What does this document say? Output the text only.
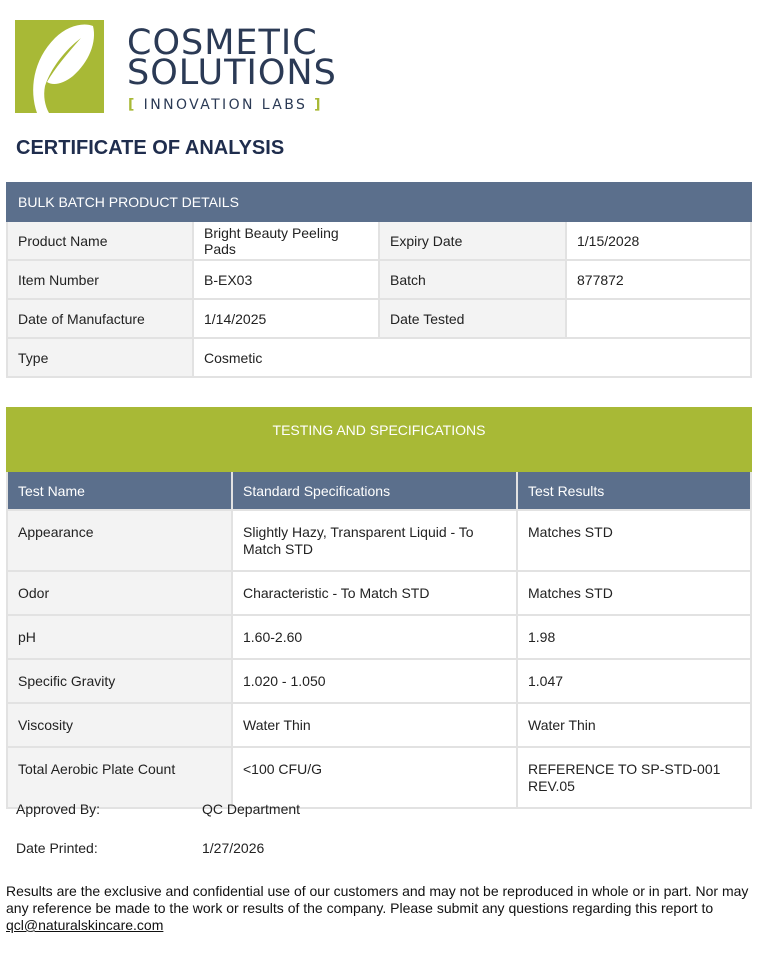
COSMETIC
SOLUTIONS
[ INNOVATION LABS ]
CERTIFICATE OF ANALYSIS
BULK BATCH PRODUCT DETAILS			
Product Name	Bright Beauty Peeling Pads	Expiry Date	1/15/2028
Item Number	B-EX03	Batch	877872
Date of Manufacture	1/14/2025	Date Tested	
Type	Cosmetic		
TESTING AND SPECIFICATIONS		
Test Name	Standard Specifications	Test Results
Appearance	Slightly Hazy, Transparent Liquid - To Match STD	Matches STD
Odor	Characteristic - To Match STD	Matches STD
pH	1.60-2.60	1.98
Specific Gravity	1.020 - 1.050	1.047
Viscosity	Water Thin	Water Thin
Total Aerobic Plate Count	<100 CFU/G	REFERENCE TO SP-STD-001 REV.05
Approved By:	QC Department
Date Printed:	1/27/2026
Results are the exclusive and confidential use of our customers and may not be reproduced in whole or in part. Nor may any reference be made to the work or results of the company. Please submit any questions regarding this report to qcl@naturalskincare.com
